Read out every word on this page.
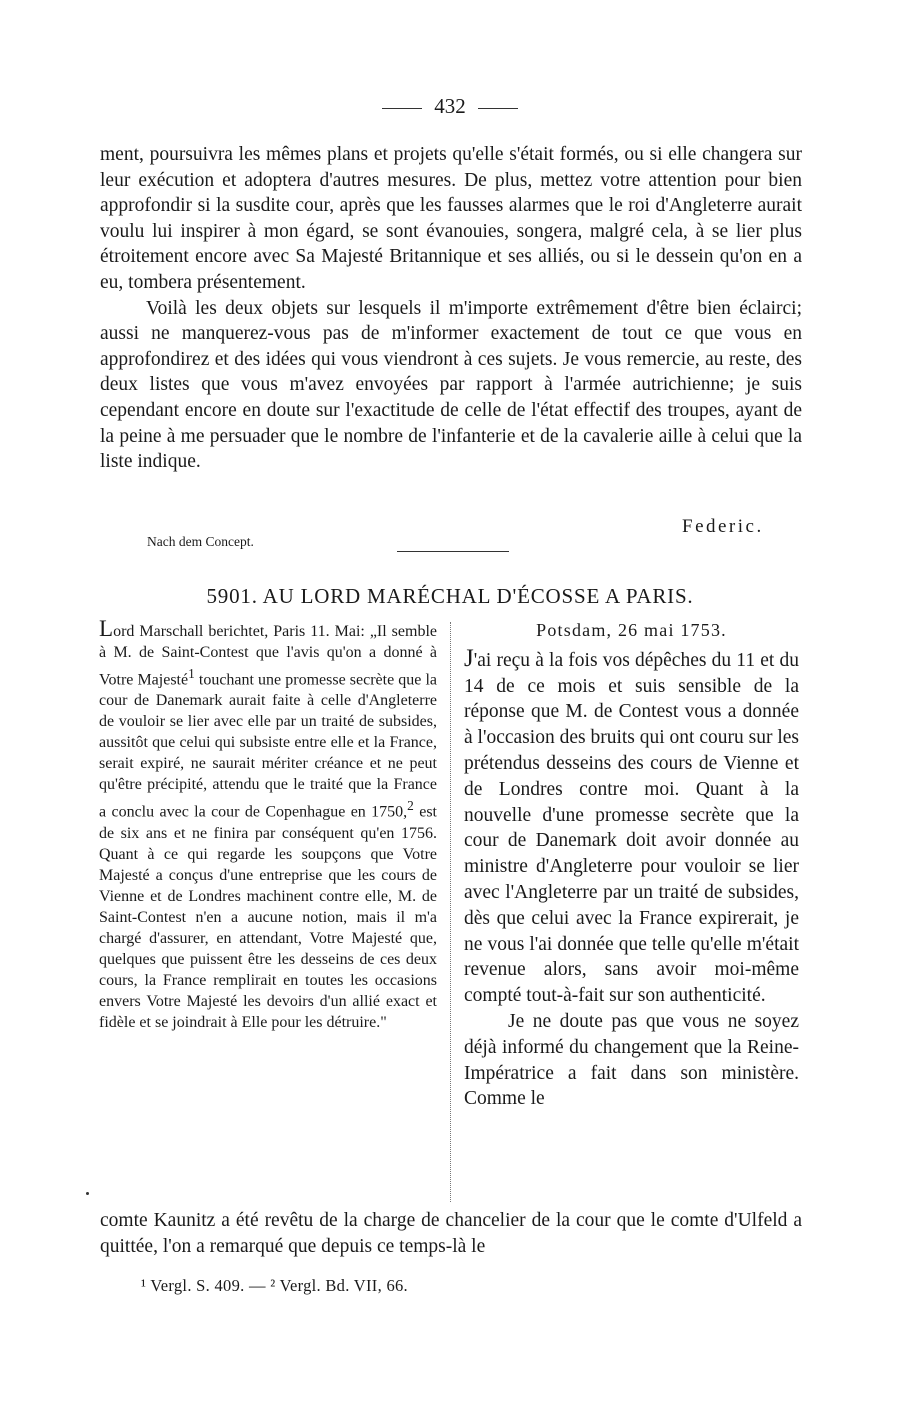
432

ment, poursuivra les mêmes plans et projets qu'elle s'était formés, ou si elle changera sur leur exécution et adoptera d'autres mesures. De plus, mettez votre attention pour bien approfondir si la susdite cour, après que les fausses alarmes que le roi d'Angleterre aurait voulu lui inspirer à mon égard, se sont évanouies, songera, malgré cela, à se lier plus étroitement encore avec Sa Majesté Britannique et ses alliés, ou si le dessein qu'on en a eu, tombera présentement.

Voilà les deux objets sur lesquels il m'importe extrêmement d'être bien éclairci; aussi ne manquerez-vous pas de m'informer exactement de tout ce que vous en approfondirez et des idées qui vous viendront à ces sujets. Je vous remercie, au reste, des deux listes que vous m'avez envoyées par rapport à l'armée autrichienne; je suis cependant encore en doute sur l'exactitude de celle de l'état effectif des troupes, ayant de la peine à me persuader que le nombre de l'infanterie et de la cavalerie aille à celui que la liste indique.

Federic.
Nach dem Concept.
5901. AU LORD MARÉCHAL D'ÉCOSSE A PARIS.
Lord Marschall berichtet, Paris 11. Mai: „Il semble à M. de Saint-Contest que l'avis qu'on a donné à Votre Majesté$^1$ touchant une promesse secrète que la cour de Danemark aurait faite à celle d'Angleterre de vouloir se lier avec elle par un traité de subsides, aussitôt que celui qui subsiste entre elle et la France, serait expiré, ne saurait mériter créance et ne peut qu'être précipité, attendu que le traité que la France a conclu avec la cour de Copenhague en 1750,$^2$ est de six ans et ne finira par conséquent qu'en 1756. Quant à ce qui regarde les soupçons que Votre Majesté a conçus d'une entreprise que les cours de Vienne et de Londres machinent contre elle, M. de Saint-Contest n'en a aucune notion, mais il m'a chargé d'assurer, en attendant, Votre Majesté que, quelques que puissent être les desseins de ces deux cours, la France remplirait en toutes les occasions envers Votre Majesté les devoirs d'un allié exact et fidèle et se joindrait à Elle pour les détruire."
Potsdam, 26 mai 1753.

J'ai reçu à la fois vos dépêches du 11 et du 14 de ce mois et suis sensible de la réponse que M. de Contest vous a donnée à l'occasion des bruits qui ont couru sur les prétendus desseins des cours de Vienne et de Londres contre moi. Quant à la nouvelle d'une promesse secrète que la cour de Danemark doit avoir donnée au ministre d'Angleterre pour vouloir se lier avec l'Angleterre par un traité de subsides, dès que celui avec la France expirerait, je ne vous l'ai donnée que telle qu'elle m'était revenue alors, sans avoir moi-même compté tout-à-fait sur son authenticité.

Je ne doute pas que vous ne soyez déjà informé du changement que la Reine-Impératrice a fait dans son ministère. Comme le

comte Kaunitz a été revêtu de la charge de chancelier de la cour que le comte d'Ulfeld a quittée, l'on a remarqué que depuis ce temps-là le

¹ Vergl. S. 409. — ² Vergl. Bd. VII, 66.
